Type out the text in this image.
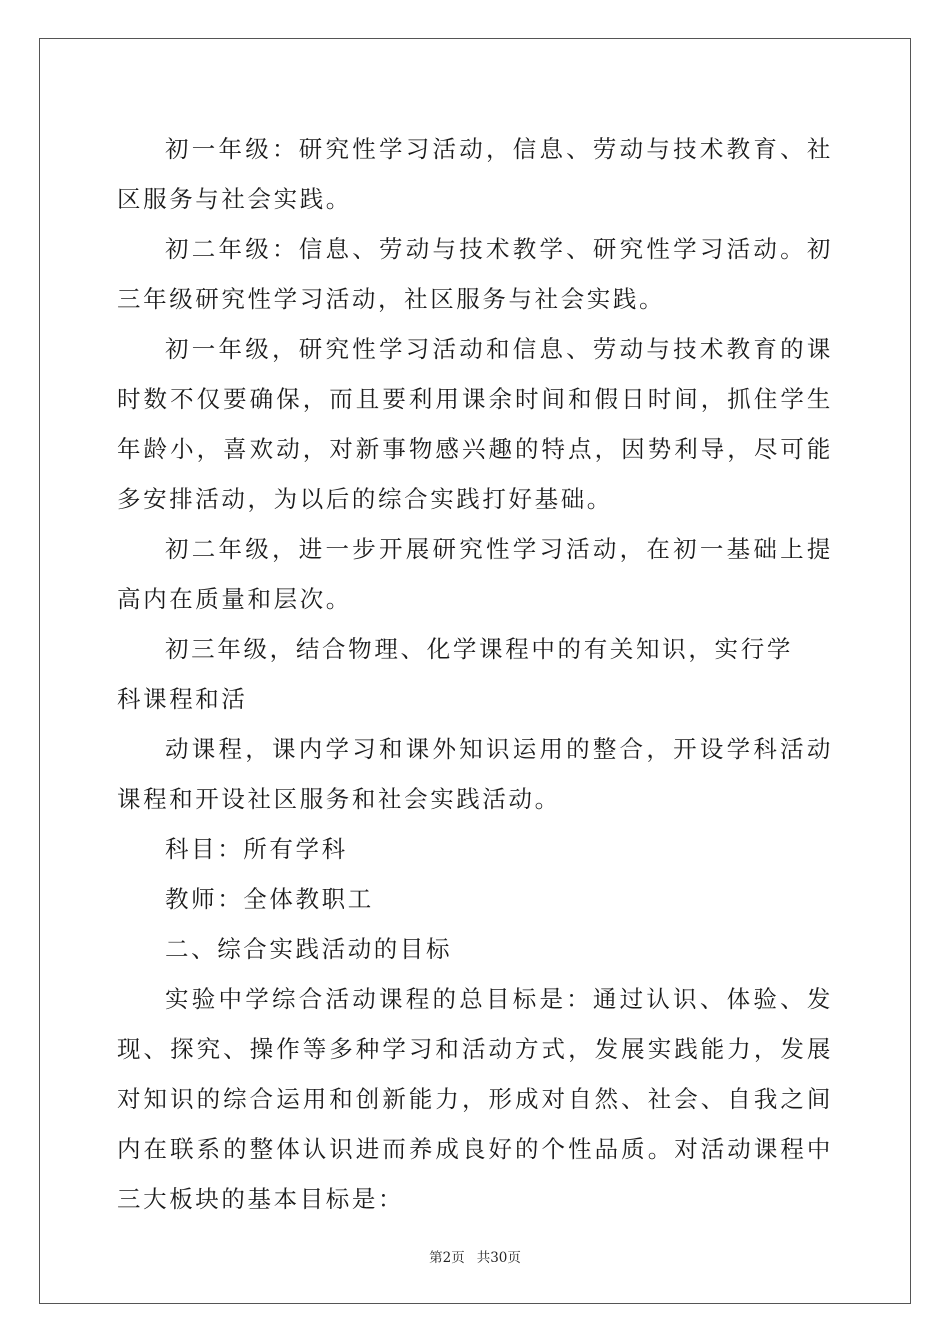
初一年级：研究性学习活动，信息、劳动与技术教育、社区服务与社会实践。

初二年级：信息、劳动与技术教学、研究性学习活动。初三年级研究性学习活动，社区服务与社会实践。

初一年级，研究性学习活动和信息、劳动与技术教育的课时数不仅要确保，而且要利用课余时间和假日时间，抓住学生年龄小，喜欢动，对新事物感兴趣的特点，因势利导，尽可能多安排活动，为以后的综合实践打好基础。

初二年级，进一步开展研究性学习活动，在初一基础上提高内在质量和层次。

初三年级，结合物理、化学课程中的有关知识，实行学科课程和活

动课程，课内学习和课外知识运用的整合，开设学科活动课程和开设社区服务和社会实践活动。

科目：所有学科

教师：全体教职工

二、综合实践活动的目标

实验中学综合活动课程的总目标是：通过认识、体验、发现、探究、操作等多种学习和活动方式，发展实践能力，发展对知识的综合运用和创新能力，形成对自然、社会、自我之间内在联系的整体认识进而养成良好的个性品质。对活动课程中三大板块的基本目标是：

第2页 共30页
